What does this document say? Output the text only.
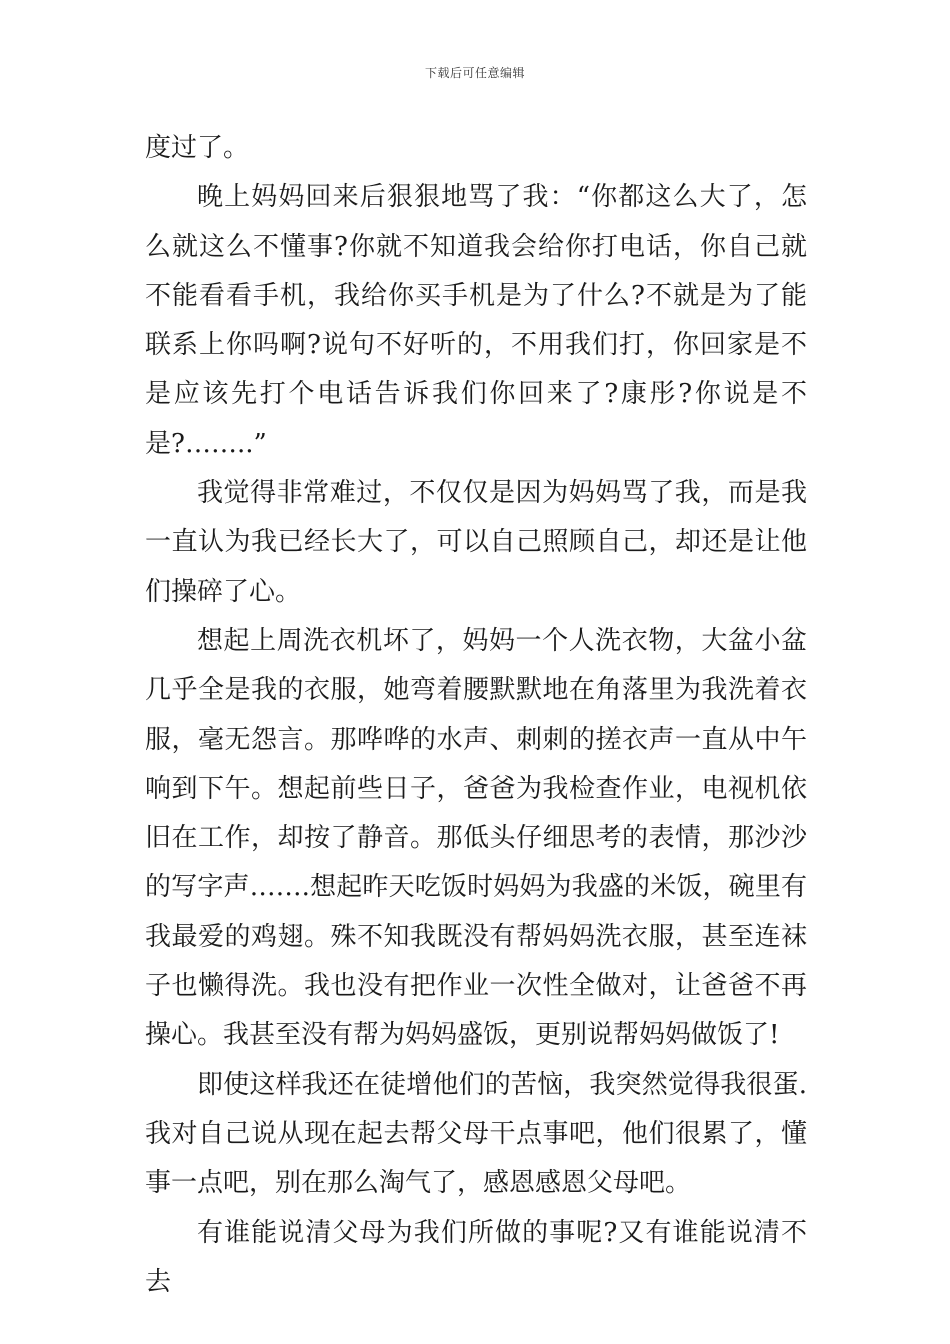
下载后可任意编辑

度过了。

晚上妈妈回来后狠狠地骂了我：“你都这么大了，怎么就这么不懂事?你就不知道我会给你打电话，你自己就不能看看手机，我给你买手机是为了什么?不就是为了能联系上你吗啊?说句不好听的，不用我们打，你回家是不是应该先打个电话告诉我们你回来了?康彤?你说是不是?……..”

我觉得非常难过，不仅仅是因为妈妈骂了我，而是我一直认为我已经长大了，可以自己照顾自己，却还是让他们操碎了心。

想起上周洗衣机坏了，妈妈一个人洗衣物，大盆小盆几乎全是我的衣服，她弯着腰默默地在角落里为我洗着衣服，毫无怨言。那哗哗的水声、刺刺的搓衣声一直从中午响到下午。想起前些日子，爸爸为我检查作业，电视机依旧在工作，却按了静音。那低头仔细思考的表情，那沙沙的写字声…….想起昨天吃饭时妈妈为我盛的米饭，碗里有我最爱的鸡翅。殊不知我既没有帮妈妈洗衣服，甚至连袜子也懒得洗。我也没有把作业一次性全做对，让爸爸不再操心。我甚至没有帮为妈妈盛饭，更别说帮妈妈做饭了!

即使这样我还在徒增他们的苦恼，我突然觉得我很蛋.我对自己说从现在起去帮父母干点事吧，他们很累了，懂事一点吧，别在那么淘气了，感恩感恩父母吧。

有谁能说清父母为我们所做的事呢?又有谁能说清不去
